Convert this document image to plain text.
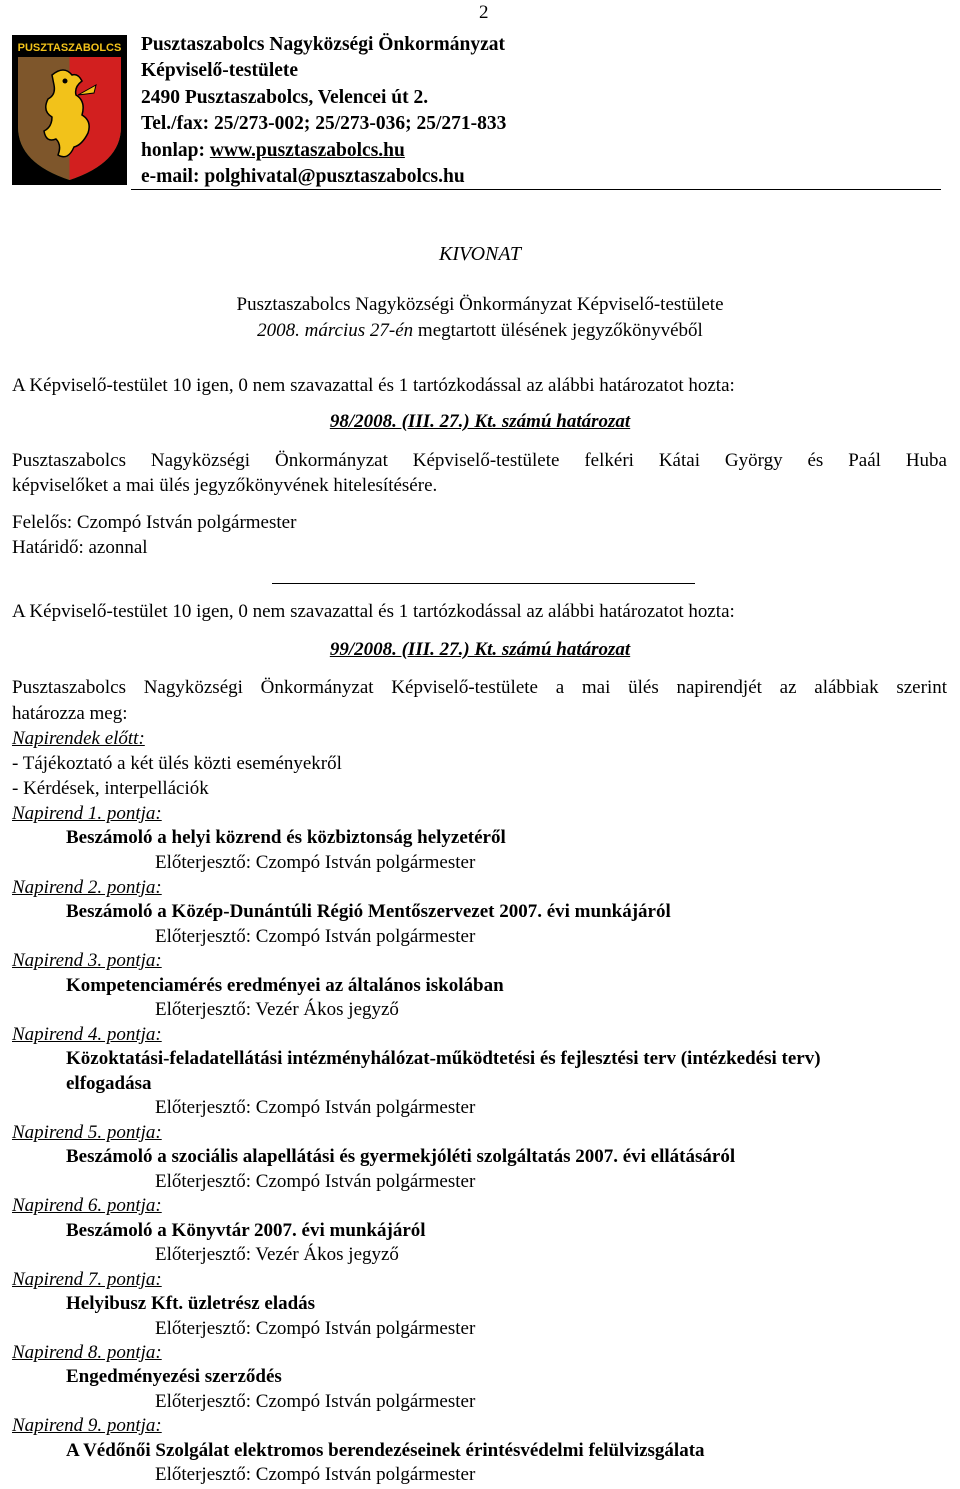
2
PUSZTASZABOLCS Pusztaszabolcs Nagyközségi Önkormányzat
Képviselő-testülete
2490 Pusztaszabolcs, Velencei út 2.
Tel./fax: 25/273-002; 25/273-036; 25/271-833
honlap: www.pusztaszabolcs.hu
e-mail: polghivatal@pusztaszabolcs.hu
KIVONAT
Pusztaszabolcs Nagyközségi Önkormányzat Képviselő-testülete
2008. március 27-én megtartott ülésének jegyzőkönyvéből
A Képviselő-testület 10 igen, 0 nem szavazattal és 1 tartózkodással az alábbi határozatot hozta:
98/2008. (III. 27.) Kt. számú határozat
Pusztaszabolcs Nagyközségi Önkormányzat Képviselő-testülete felkéri Kátai György és Paál Huba
képviselőket a mai ülés jegyzőkönyvének hitelesítésére.
Felelős: Czompó István polgármester
Határidő: azonnal
A Képviselő-testület 10 igen, 0 nem szavazattal és 1 tartózkodással az alábbi határozatot hozta:
99/2008. (III. 27.) Kt. számú határozat
Pusztaszabolcs Nagyközségi Önkormányzat Képviselő-testülete a mai ülés napirendjét az alábbiak szerint
határozza meg:
Napirendek előtt:
- Tájékoztató a két ülés közti eseményekről
- Kérdések, interpellációk
Napirend 1. pontja:
Beszámoló a helyi közrend és közbiztonság helyzetéről
Előterjesztő: Czompó István polgármester
Napirend 2. pontja:
Beszámoló a Közép-Dunántúli Régió Mentőszervezet 2007. évi munkájáról
Előterjesztő: Czompó István polgármester
Napirend 3. pontja:
Kompetenciamérés eredményei az általános iskolában
Előterjesztő: Vezér Ákos jegyző
Napirend 4. pontja:
Közoktatási-feladatellátási intézményhálózat-működtetési és fejlesztési terv (intézkedési terv)
elfogadása
Előterjesztő: Czompó István polgármester
Napirend 5. pontja:
Beszámoló a szociális alapellátási és gyermekjóléti szolgáltatás 2007. évi ellátásáról
Előterjesztő: Czompó István polgármester
Napirend 6. pontja:
Beszámoló a Könyvtár 2007. évi munkájáról
Előterjesztő: Vezér Ákos jegyző
Napirend 7. pontja:
Helyibusz Kft. üzletrész eladás
Előterjesztő: Czompó István polgármester
Napirend 8. pontja:
Engedményezési szerződés
Előterjesztő: Czompó István polgármester
Napirend 9. pontja:
A Védőnői Szolgálat elektromos berendezéseinek érintésvédelmi felülvizsgálata
Előterjesztő: Czompó István polgármester
